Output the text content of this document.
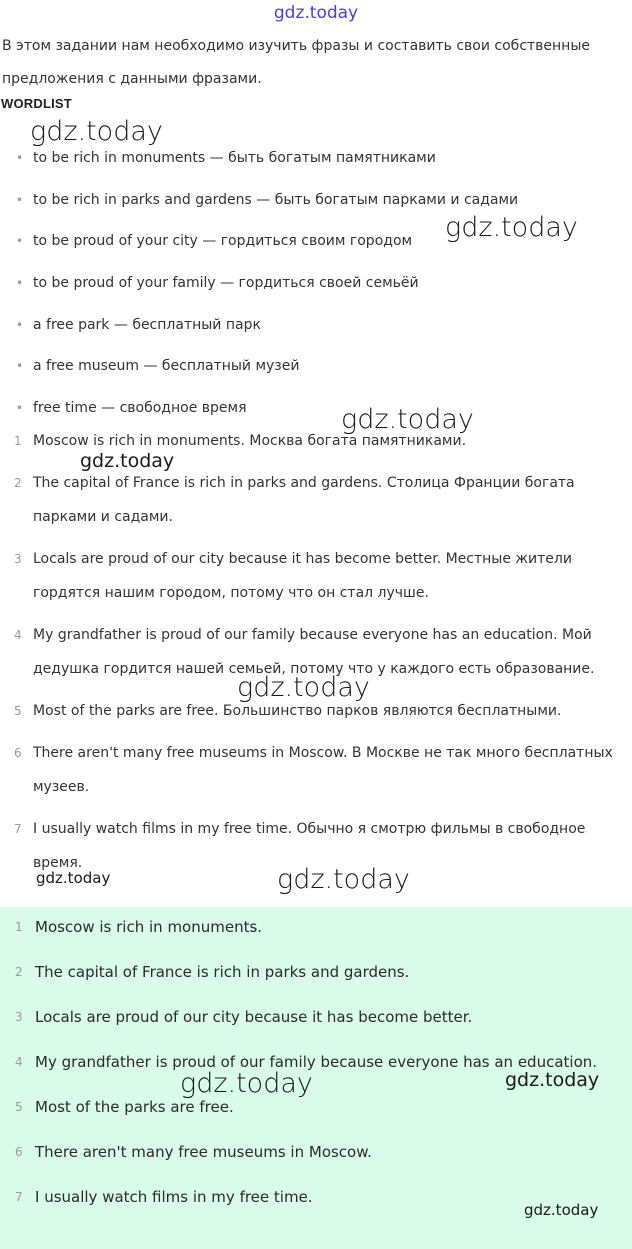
gdz.today
В этом задании нам необходимо изучить фразы и составить свои собственные предложения с данными фразами.
WORDLIST
• to be rich in monuments — быть богатым памятниками
• to be rich in parks and gardens — быть богатым парками и садами
• to be proud of your city — гордиться своим городом
• to be proud of your family — гордиться своей семьёй
• a free park — бесплатный парк
• a free museum — бесплатный музей
• free time — свободное время
1 Moscow is rich in monuments. Москва богата памятниками.
2 The capital of France is rich in parks and gardens. Столица Франции богата парками и садами.
3 Locals are proud of our city because it has become better. Местные жители гордятся нашим городом, потому что он стал лучше.
4 My grandfather is proud of our family because everyone has an education. Мой дедушка гордится нашей семьей, потому что у каждого есть образование.
5 Most of the parks are free. Большинство парков являются бесплатными.
6 There aren't many free museums in Moscow. В Москве не так много бесплатных музеев.
7 I usually watch films in my free time. Обычно я смотрю фильмы в свободное время.
1 Moscow is rich in monuments.
2 The capital of France is rich in parks and gardens.
3 Locals are proud of our city because it has become better.
4 My grandfather is proud of our family because everyone has an education.
5 Most of the parks are free.
6 There aren't many free museums in Moscow.
7 I usually watch films in my free time.
gdz.today
gdz.today
gdz.today
gdz.today
gdz.today
gdz.today	gdz.today
gdz.today	gdz.today
gdz.today
